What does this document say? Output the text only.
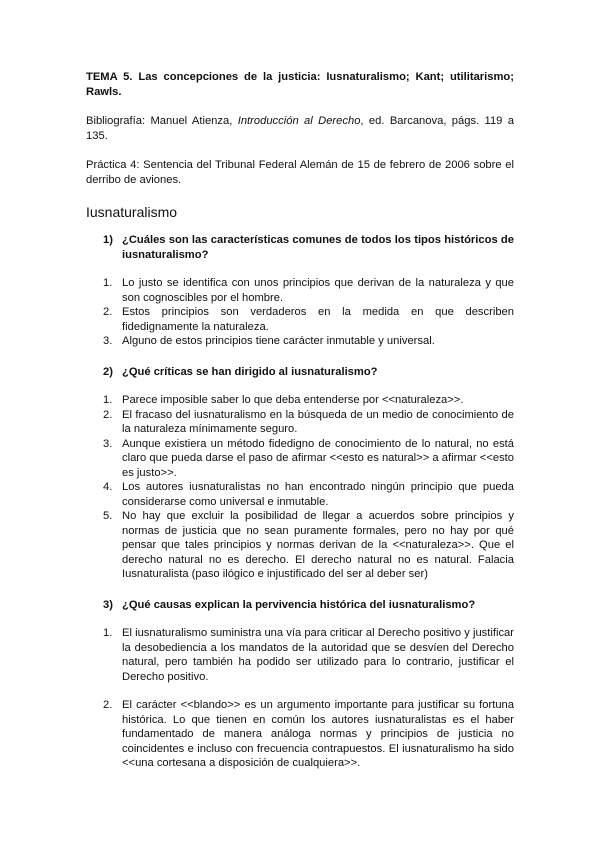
TEMA 5. Las concepciones de la justicia: Iusnaturalismo; Kant; utilitarismo; Rawls.

Bibliografía: Manuel Atienza, Introducción al Derecho, ed. Barcanova, págs. 119 a 135.

Práctica 4: Sentencia del Tribunal Federal Alemán de 15 de febrero de 2006 sobre el derribo de aviones.

Iusnaturalismo
1) ¿Cuáles son las características comunes de todos los tipos históricos de iusnaturalismo?
1. Lo justo se identifica con unos principios que derivan de la naturaleza y que son cognoscibles por el hombre.
2. Estos principios son verdaderos en la medida en que describen fidedignamente la naturaleza.
3. Alguno de estos principios tiene carácter inmutable y universal.
2) ¿Qué críticas se han dirigido al iusnaturalismo?
1. Parece imposible saber lo que deba entenderse por <<naturaleza>>.
2. El fracaso del iusnaturalismo en la búsqueda de un medio de conocimiento de la naturaleza mínimamente seguro.
3. Aunque existiera un método fidedigno de conocimiento de lo natural, no está claro que pueda darse el paso de afirmar <<esto es natural>> a afirmar <<esto es justo>>.
4. Los autores iusnaturalistas no han encontrado ningún principio que pueda considerarse como universal e inmutable.
5. No hay que excluir la posibilidad de llegar a acuerdos sobre principios y normas de justicia que no sean puramente formales, pero no hay por qué pensar que tales principios y normas derivan de la <<naturaleza>>. Que el derecho natural no es derecho. El derecho natural no es natural. Falacia Iusnaturalista (paso ilógico e injustificado del ser al deber ser)
3) ¿Qué causas explican la pervivencia histórica del iusnaturalismo?
1. El iusnaturalismo suministra una vía para criticar al Derecho positivo y justificar la desobediencia a los mandatos de la autoridad que se desvíen del Derecho natural, pero también ha podido ser utilizado para lo contrario, justificar el Derecho positivo.
2. El carácter <<blando>> es un argumento importante para justificar su fortuna histórica. Lo que tienen en común los autores iusnaturalistas es el haber fundamentado de manera análoga normas y principios de justicia no coincidentes e incluso con frecuencia contrapuestos. El iusnaturalismo ha sido <<una cortesana a disposición de cualquiera>>.
